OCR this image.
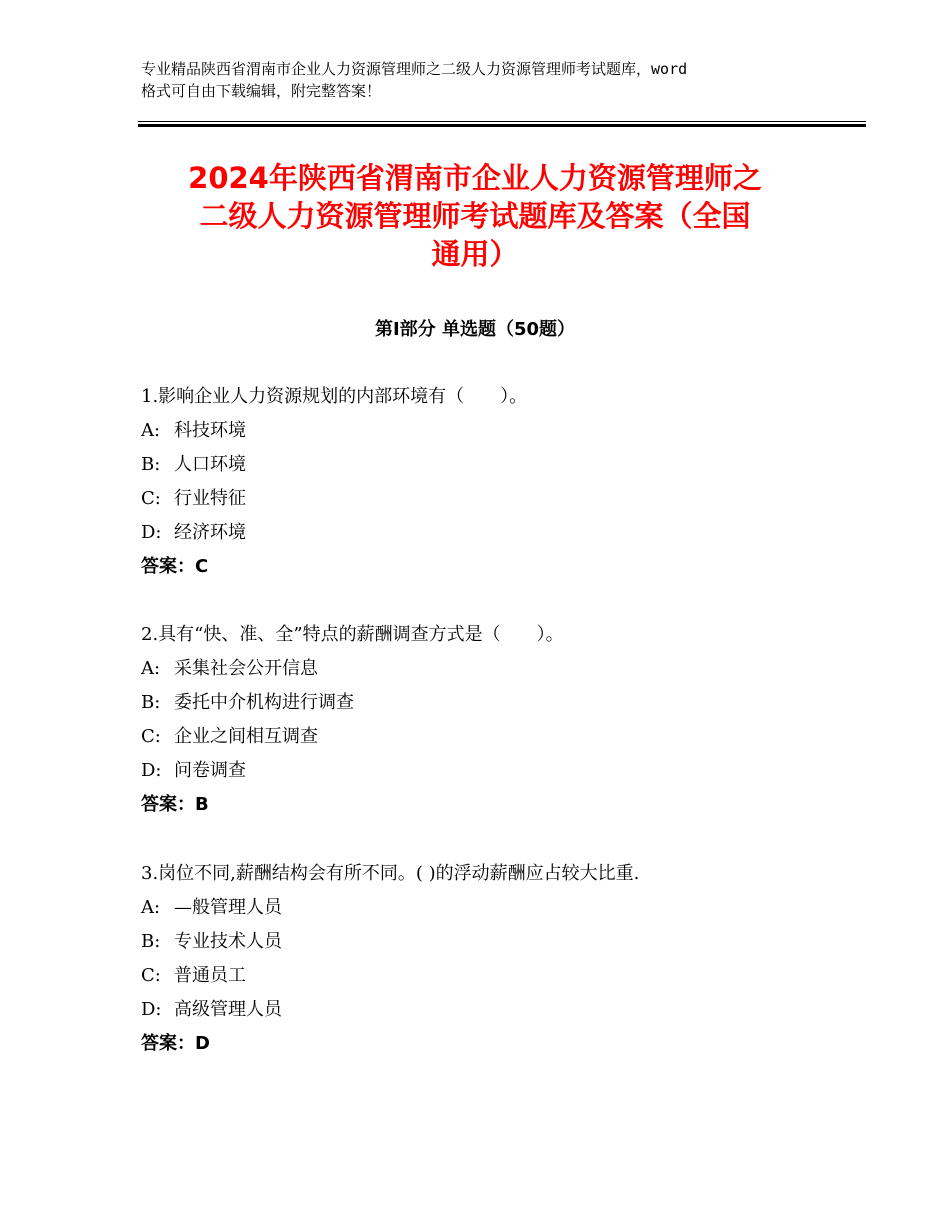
专业精品陕西省渭南市企业人力资源管理师之二级人力资源管理师考试题库，word
格式可自由下载编辑，附完整答案！
2024年陕西省渭南市企业人力资源管理师之
二级人力资源管理师考试题库及答案（全国
通用）
第Ⅰ部分 单选题（50题）
1.影响企业人力资源规划的内部环境有（　　）。
A: 科技环境
B: 人口环境
C: 行业特征
D: 经济环境
答案：C
2.具有“快、准、全”特点的薪酬调查方式是（　　）。
A: 采集社会公开信息
B: 委托中介机构进行调查
C: 企业之间相互调查
D: 问卷调查
答案：B
3.岗位不同,薪酬结构会有所不同。( )的浮动薪酬应占较大比重.
A: —般管理人员
B: 专业技术人员
C: 普通员工
D: 高级管理人员
答案：D
